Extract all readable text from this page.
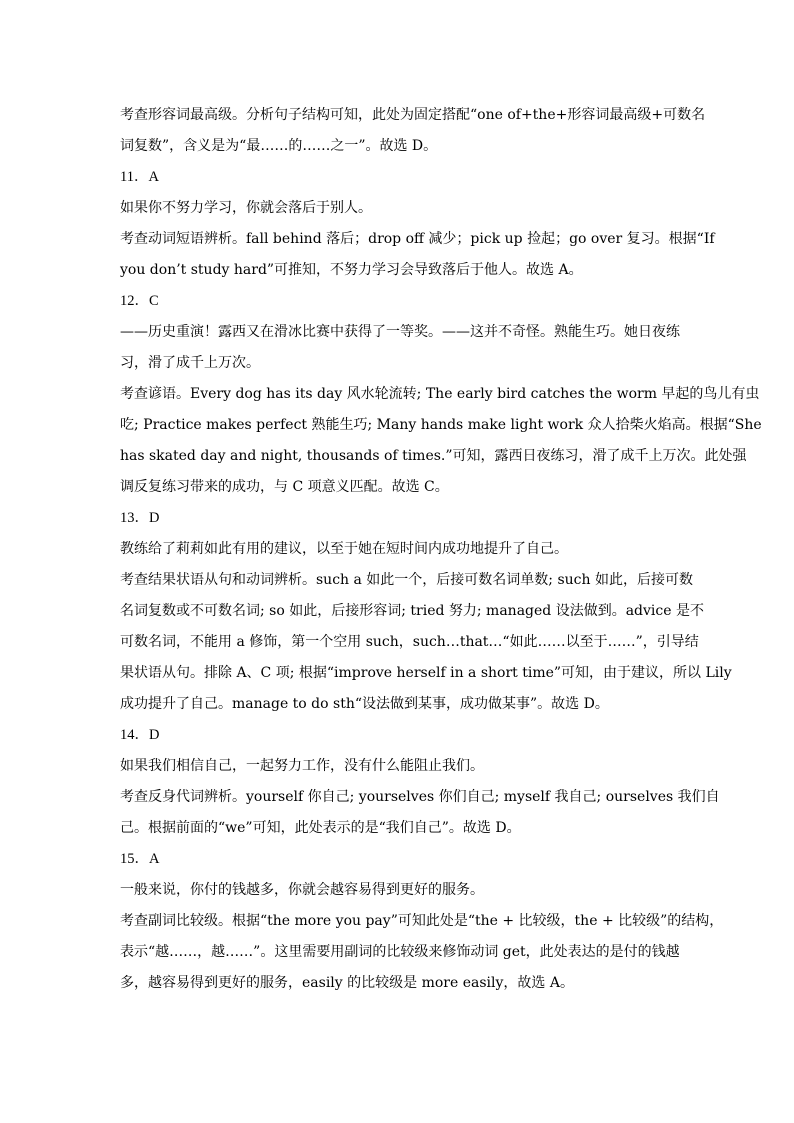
考查形容词最高级。分析句子结构可知，此处为固定搭配“one of+the+形容词最高级+可数名
词复数”，含义是为“最……的……之一”。故选 D。
11．A
如果你不努力学习，你就会落后于别人。
考查动词短语辨析。fall behind 落后；drop off 减少；pick up 捡起；go over 复习。根据“If
you don’t study hard”可推知，不努力学习会导致落后于他人。故选 A。
12．C
——历史重演！露西又在滑冰比赛中获得了一等奖。——这并不奇怪。熟能生巧。她日夜练
习，滑了成千上万次。
考查谚语。Every dog has its day 风水轮流转; The early bird catches the worm 早起的鸟儿有虫
吃; Practice makes perfect 熟能生巧; Many hands make light work 众人拾柴火焰高。根据“She
has skated day and night, thousands of times.”可知，露西日夜练习，滑了成千上万次。此处强
调反复练习带来的成功，与 C 项意义匹配。故选 C。
13．D
教练给了莉莉如此有用的建议，以至于她在短时间内成功地提升了自己。
考查结果状语从句和动词辨析。such a 如此一个，后接可数名词单数; such 如此，后接可数
名词复数或不可数名词; so 如此，后接形容词; tried 努力; managed 设法做到。advice 是不
可数名词，不能用 a 修饰，第一个空用 such，such…that…“如此……以至于……”，引导结
果状语从句。排除 A、C 项; 根据“improve herself in a short time”可知，由于建议，所以 Lily
成功提升了自己。manage to do sth“设法做到某事，成功做某事”。故选 D。
14．D
如果我们相信自己，一起努力工作，没有什么能阻止我们。
考查反身代词辨析。yourself 你自己; yourselves 你们自己; myself 我自己; ourselves 我们自
己。根据前面的“we”可知，此处表示的是“我们自己”。故选 D。
15．A
一般来说，你付的钱越多，你就会越容易得到更好的服务。
考查副词比较级。根据“the more you pay”可知此处是“the + 比较级，the + 比较级”的结构，
表示“越……，越……”。这里需要用副词的比较级来修饰动词 get，此处表达的是付的钱越
多，越容易得到更好的服务，easily 的比较级是 more easily，故选 A。
